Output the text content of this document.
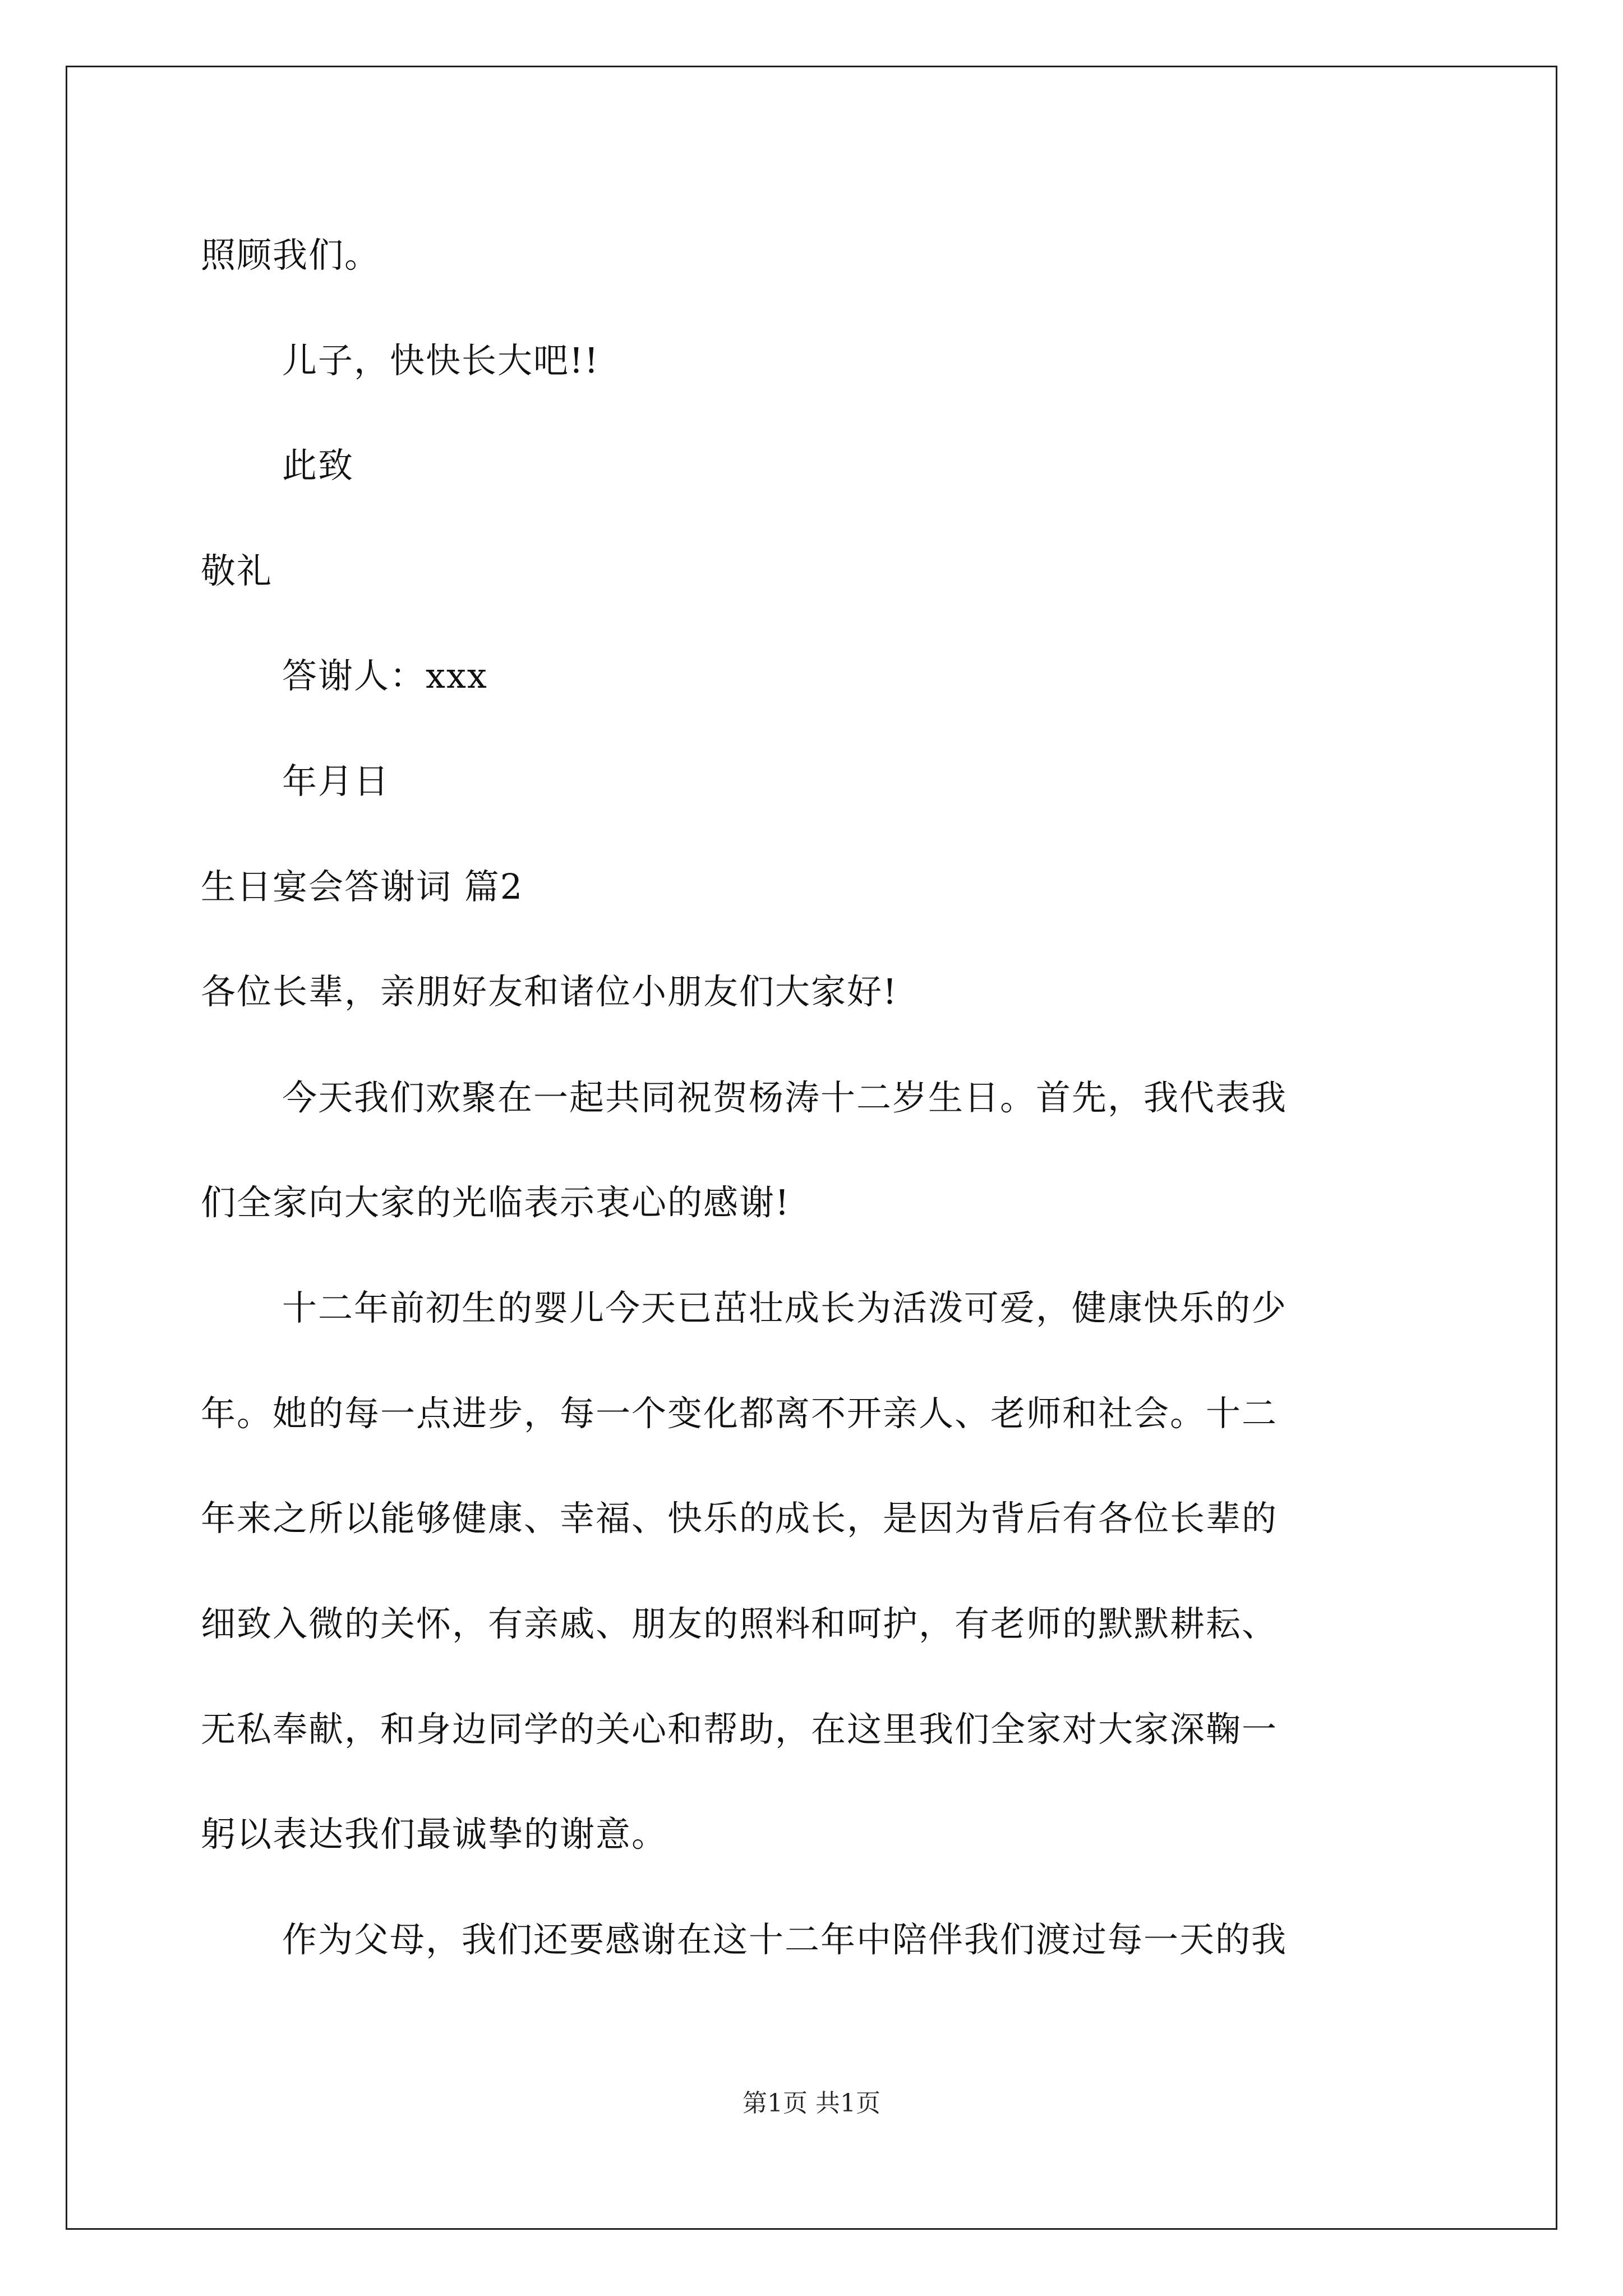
照顾我们。
儿子，快快长大吧!!
此致
敬礼
答谢人：xxx
年月日
生日宴会答谢词 篇2
各位长辈，亲朋好友和诸位小朋友们大家好!
今天我们欢聚在一起共同祝贺杨涛十二岁生日。首先，我代表我
们全家向大家的光临表示衷心的感谢!
十二年前初生的婴儿今天已茁壮成长为活泼可爱，健康快乐的少
年。她的每一点进步，每一个变化都离不开亲人、老师和社会。十二
年来之所以能够健康、幸福、快乐的成长，是因为背后有各位长辈的
细致入微的关怀，有亲戚、朋友的照料和呵护，有老师的默默耕耘、
无私奉献，和身边同学的关心和帮助，在这里我们全家对大家深鞠一
躬以表达我们最诚挚的谢意。
作为父母，我们还要感谢在这十二年中陪伴我们渡过每一天的我
第1页 共1页
